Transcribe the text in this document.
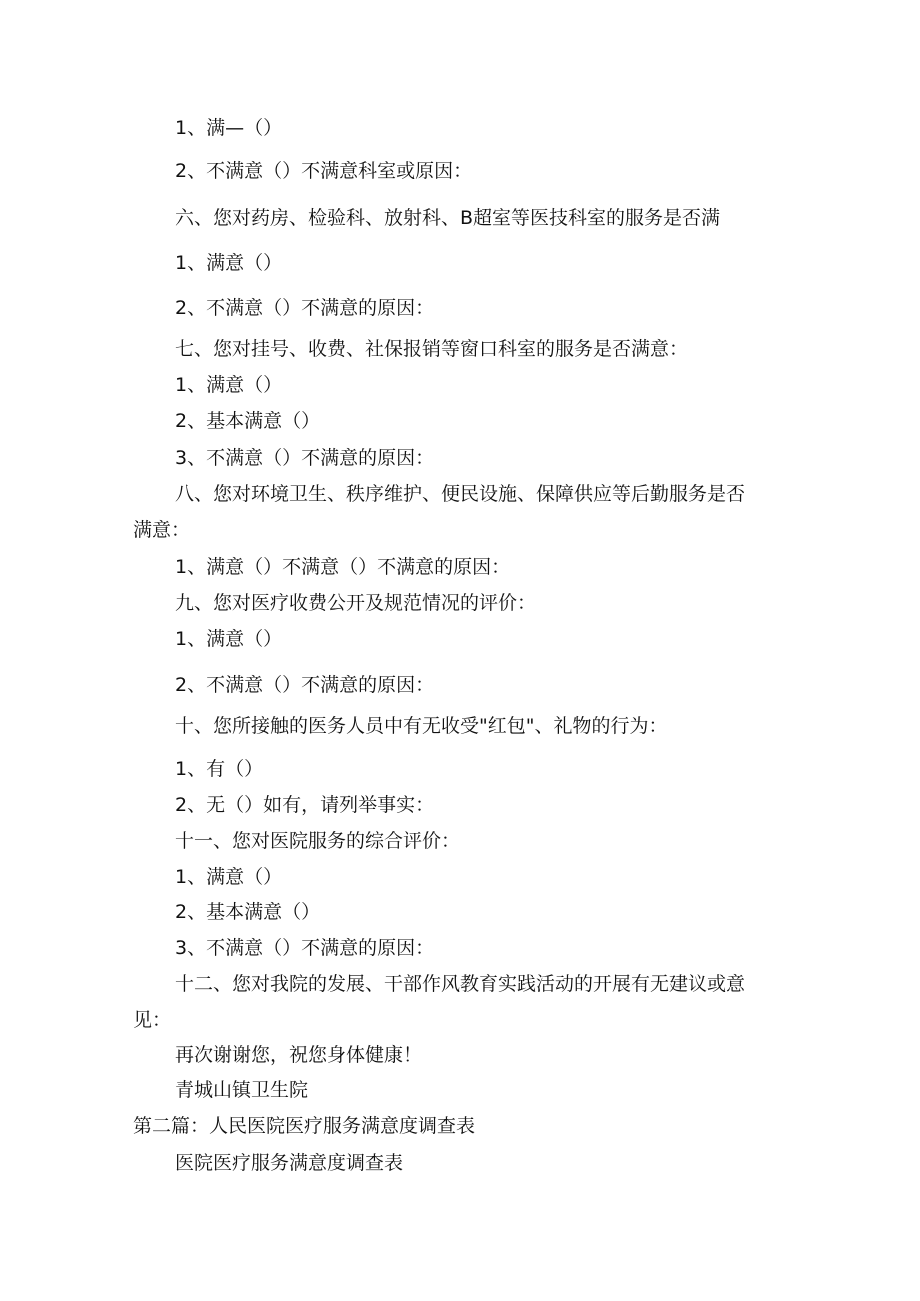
1、满—（）
2、不满意（）不满意科室或原因：
六、您对药房、检验科、放射科、B超室等医技科室的服务是否满
1、满意（）
2、不满意（）不满意的原因：
七、您对挂号、收费、社保报销等窗口科室的服务是否满意：
1、满意（）
2、基本满意（）
3、不满意（）不满意的原因：
八、您对环境卫生、秩序维护、便民设施、保障供应等后勤服务是否
满意：
1、满意（）不满意（）不满意的原因：
九、您对医疗收费公开及规范情况的评价：
1、满意（）
2、不满意（）不满意的原因：
十、您所接触的医务人员中有无收受"红包"、礼物的行为：
1、有（）
2、无（）如有，请列举事实：
十一、您对医院服务的综合评价：
1、满意（）
2、基本满意（）
3、不满意（）不满意的原因：
十二、您对我院的发展、干部作风教育实践活动的开展有无建议或意
见：
再次谢谢您，祝您身体健康！
青城山镇卫生院
第二篇：人民医院医疗服务满意度调查表
医院医疗服务满意度调查表
